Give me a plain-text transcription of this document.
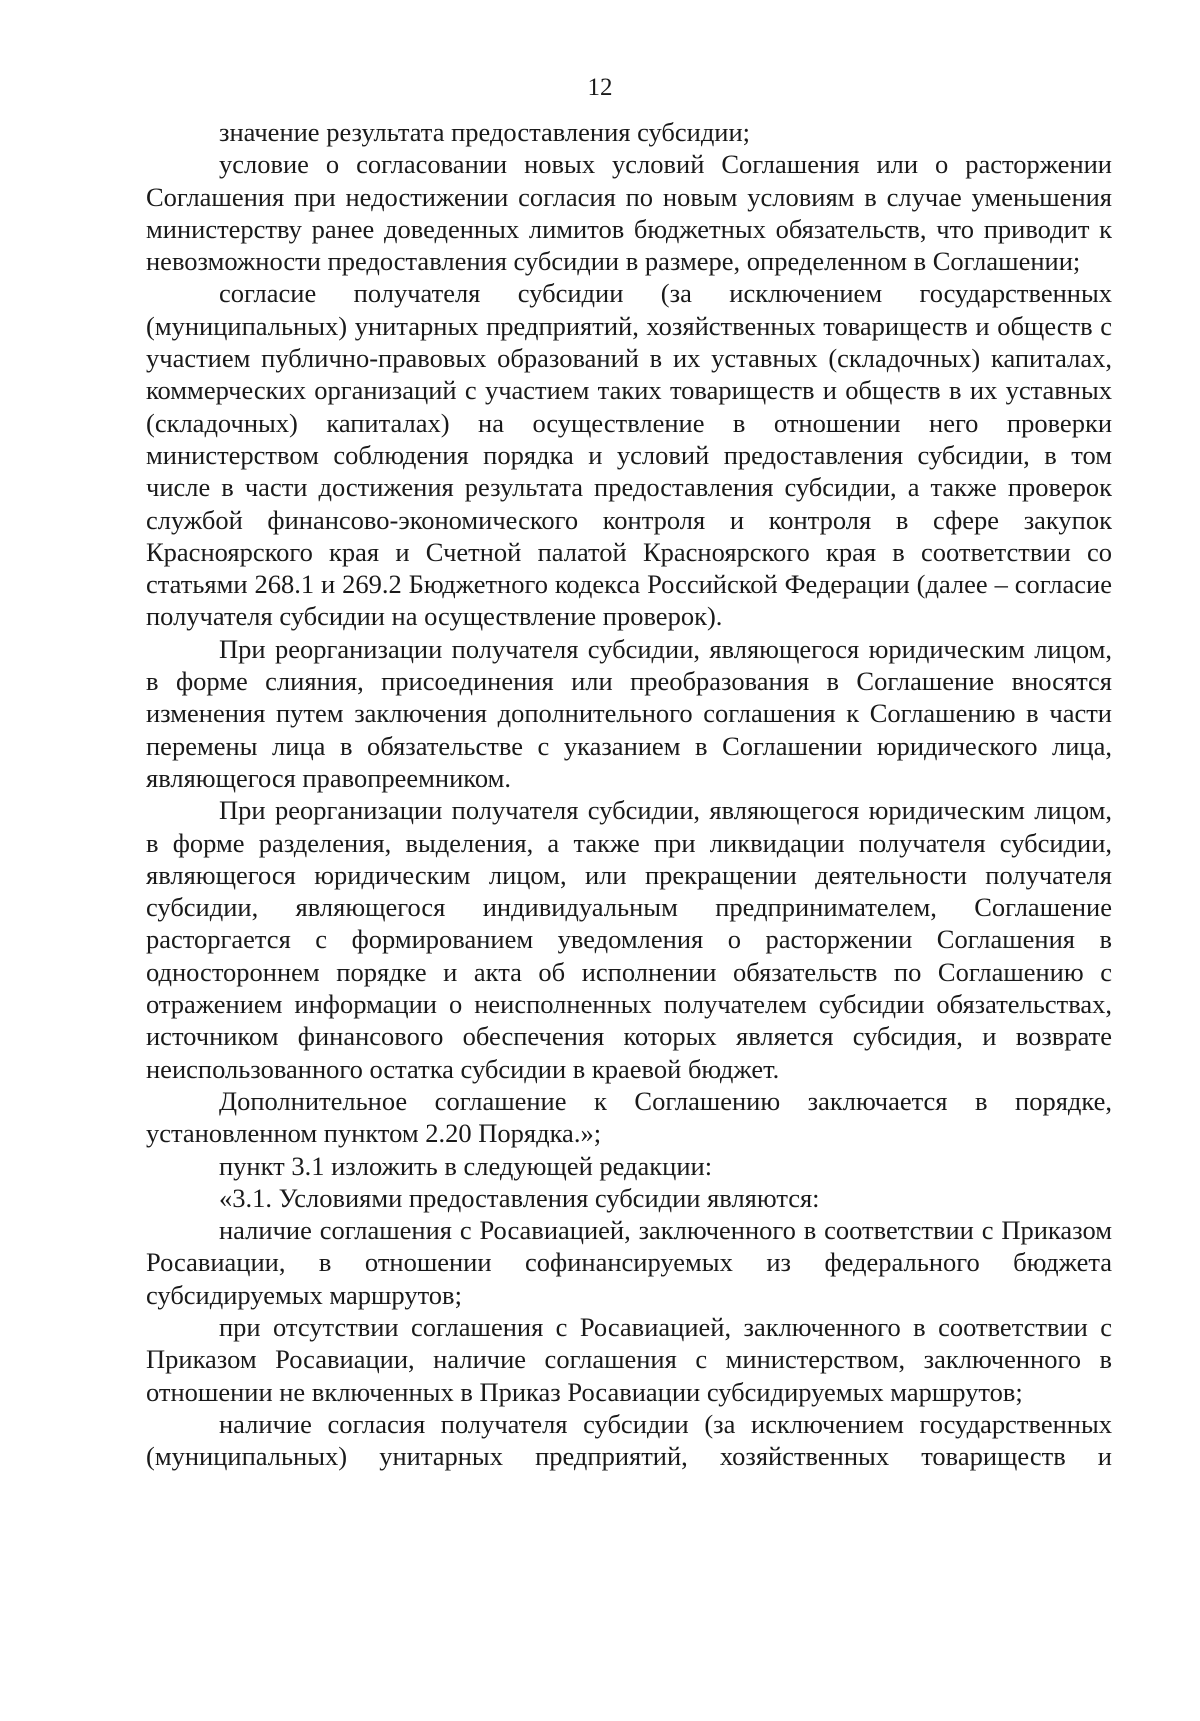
12

значение результата предоставления субсидии;

условие о согласовании новых условий Соглашения или о расторжении Соглашения при недостижении согласия по новым условиям в случае уменьшения министерству ранее доведенных лимитов бюджетных обязательств, что приводит к невозможности предоставления субсидии в размере, определенном в Соглашении;

согласие получателя субсидии (за исключением государственных (муниципальных) унитарных предприятий, хозяйственных товариществ и обществ с участием публично-правовых образований в их уставных (складочных) капиталах, коммерческих организаций с участием таких товариществ и обществ в их уставных (складочных) капиталах) на осуществление в отношении него проверки министерством соблюдения порядка и условий предоставления субсидии, в том числе в части достижения результата предоставления субсидии, а также проверок службой финансово-экономического контроля и контроля в сфере закупок Красноярского края и Счетной палатой Красноярского края в соответствии со статьями 268.1 и 269.2 Бюджетного кодекса Российской Федерации (далее – согласие получателя субсидии на осуществление проверок).

При реорганизации получателя субсидии, являющегося юридическим лицом, в форме слияния, присоединения или преобразования в Соглашение вносятся изменения путем заключения дополнительного соглашения к Соглашению в части перемены лица в обязательстве с указанием в Соглашении юридического лица, являющегося правопреемником.

При реорганизации получателя субсидии, являющегося юридическим лицом, в форме разделения, выделения, а также при ликвидации получателя субсидии, являющегося юридическим лицом, или прекращении деятельности получателя субсидии, являющегося индивидуальным предпринимателем, Соглашение расторгается с формированием уведомления о расторжении Соглашения в одностороннем порядке и акта об исполнении обязательств по Соглашению с отражением информации о неисполненных получателем субсидии обязательствах, источником финансового обеспечения которых является субсидия, и возврате неиспользованного остатка субсидии в краевой бюджет.

Дополнительное соглашение к Соглашению заключается в порядке, установленном пунктом 2.20 Порядка.»;

пункт 3.1 изложить в следующей редакции:

«3.1. Условиями предоставления субсидии являются:

наличие соглашения с Росавиацией, заключенного в соответствии с Приказом Росавиации, в отношении софинансируемых из федерального бюджета субсидируемых маршрутов;

при отсутствии соглашения с Росавиацией, заключенного в соответствии с Приказом Росавиации, наличие соглашения с министерством, заключенного в отношении не включенных в Приказ Росавиации субсидируемых маршрутов;

наличие согласия получателя субсидии (за исключением государственных (муниципальных) унитарных предприятий, хозяйственных товариществ и
